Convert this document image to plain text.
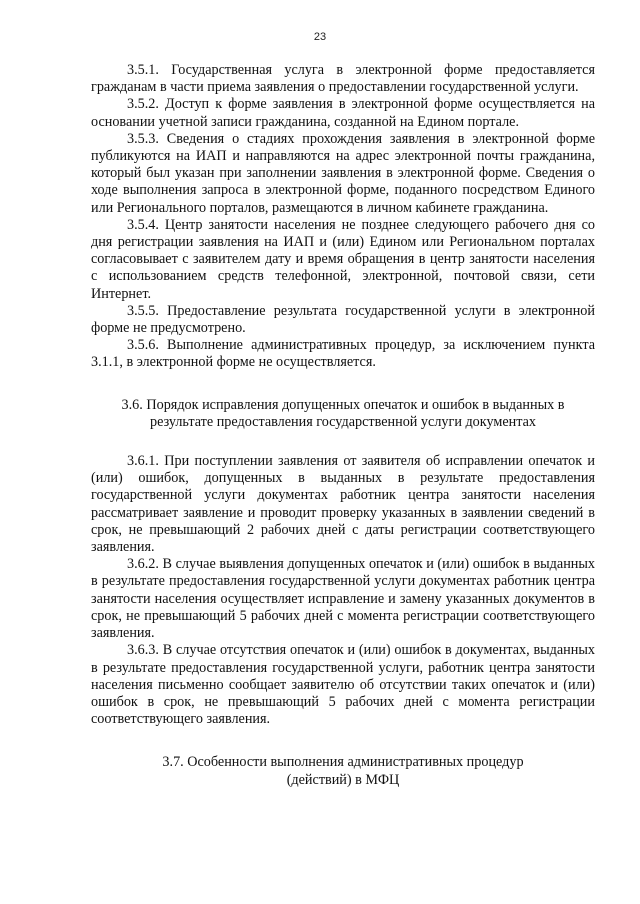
23

3.5.1. Государственная услуга в электронной форме предоставляется гражданам в части приема заявления о предоставлении государственной услуги.

3.5.2. Доступ к форме заявления в электронной форме осуществляется на основании учетной записи гражданина, созданной на Едином портале.

3.5.3. Сведения о стадиях прохождения заявления в электронной форме публикуются на ИАП и направляются на адрес электронной почты гражданина, который был указан при заполнении заявления в электронной форме. Сведения о ходе выполнения запроса в электронной форме, поданного посредством Единого или Регионального порталов, размещаются в личном кабинете гражданина.

3.5.4. Центр занятости населения не позднее следующего рабочего дня со дня регистрации заявления на ИАП и (или) Едином или Региональном порталах согласовывает с заявителем дату и время обращения в центр занятости населения с использованием средств телефонной, электронной, почтовой связи, сети Интернет.

3.5.5. Предоставление результата государственной услуги в электронной форме не предусмотрено.

3.5.6. Выполнение административных процедур, за исключением пункта 3.1.1, в электронной форме не осуществляется.

3.6. Порядок исправления допущенных опечаток и ошибок в выданных в
результате предоставления государственной услуги документах

3.6.1. При поступлении заявления от заявителя об исправлении опечаток и (или) ошибок, допущенных в выданных в результате предоставления государственной услуги документах работник центра занятости населения рассматривает заявление и проводит проверку указанных в заявлении сведений в срок, не превышающий 2 рабочих дней с даты регистрации соответствующего заявления.

3.6.2. В случае выявления допущенных опечаток и (или) ошибок в выданных в результате предоставления государственной услуги документах работник центра занятости населения осуществляет исправление и замену указанных документов в срок, не превышающий 5 рабочих дней с момента регистрации соответствующего заявления.

3.6.3. В случае отсутствия опечаток и (или) ошибок в документах, выданных в результате предоставления государственной услуги, работник центра занятости населения письменно сообщает заявителю об отсутствии таких опечаток и (или) ошибок в срок, не превышающий 5 рабочих дней с момента регистрации соответствующего заявления.

3.7. Особенности выполнения административных процедур
(действий) в МФЦ
